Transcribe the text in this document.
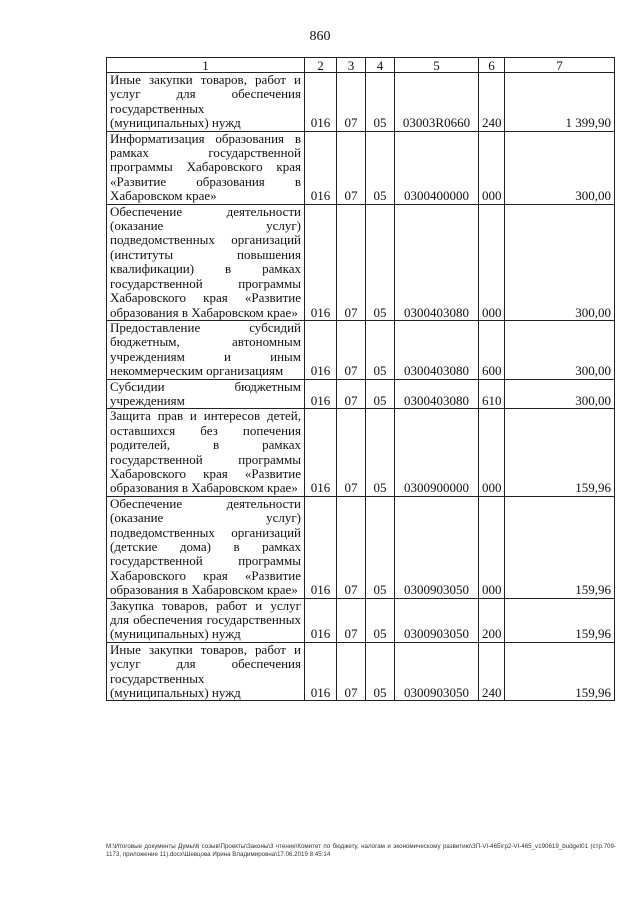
860
1	2	3	4	5	6	7
Иные закупки товаров, работ и услуг для обеспечения государственных (муниципальных) нужд	016	07	05	03003R0660	240	1 399,90
Информатизация образования в рамках государственной программы Хабаровского края «Развитие образования в Хабаровском крае»	016	07	05	0300400000	000	300,00
Обеспечение деятельности (оказание услуг) подведомственных организаций (институты повышения квалификации) в рамках государственной программы Хабаровского края «Развитие образования в Хабаровском крае»	016	07	05	0300403080	000	300,00
Предоставление субсидий бюджетным, автономным учреждениям и иным некоммерческим организациям	016	07	05	0300403080	600	300,00
Субсидии бюджетным учреждениям	016	07	05	0300403080	610	300,00
Защита прав и интересов детей, оставшихся без попечения родителей, в рамках государственной программы Хабаровского края «Развитие образования в Хабаровском крае»	016	07	05	0300900000	000	159,96
Обеспечение деятельности (оказание услуг) подведомственных организаций (детские дома) в рамках государственной программы Хабаровского края «Развитие образования в Хабаровском крае»	016	07	05	0300903050	000	159,96
Закупка товаров, работ и услуг для обеспечения государственных (муниципальных) нужд	016	07	05	0300903050	200	159,96
Иные закупки товаров, работ и услуг для обеспечения государственных (муниципальных) нужд	016	07	05	0300903050	240	159,96
M:\Итоговые документы Думы\6 созыв\Проекты\Законы\3 чтение\Комитет по бюджету, налогам и экономическому развитию\ЗП-VI-465\гр2-VI-465_v190619_budget01 (стр.709-1173, приложение 11).docx\Шевцова Ирина Владимировна\17.06.2019 8:45:14
